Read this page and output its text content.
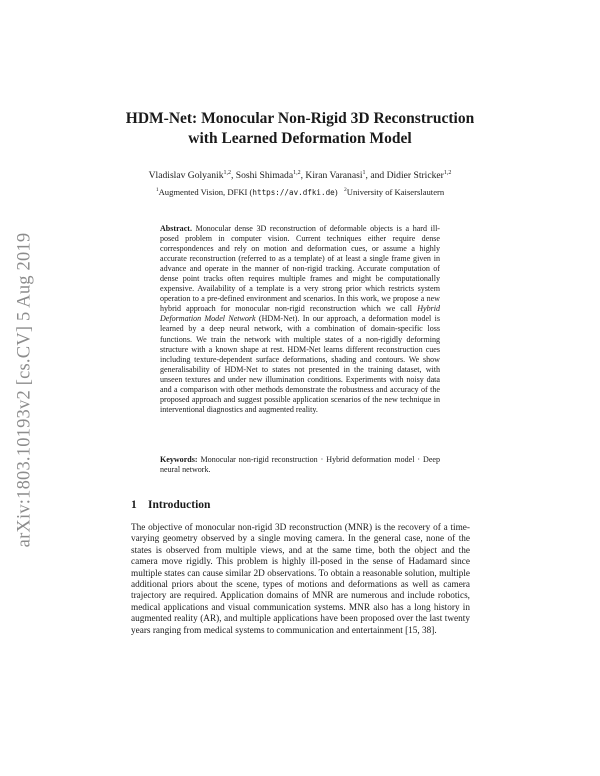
arXiv:1803.10193v2 [cs.CV] 5 Aug 2019
HDM-Net: Monocular Non-Rigid 3D Reconstruction
with Learned Deformation Model
Vladislav Golyanik$^{1,2}$, Soshi Shimada$^{1,2}$, Kiran Varanasi$^1$, and Didier Stricker$^{1,2}$
$^1$Augmented Vision, DFKI (https://av.dfki.de) $^2$University of Kaiserslautern
Abstract. Monocular dense 3D reconstruction of deformable objects is a hard ill-posed problem in computer vision. Current techniques either require dense correspondences and rely on motion and deformation cues, or assume a highly accurate reconstruction (referred to as a template) of at least a single frame given in advance and operate in the manner of non-rigid tracking. Accurate computation of dense point tracks often requires multiple frames and might be computationally expensive. Availability of a template is a very strong prior which restricts system operation to a pre-defined environment and scenarios. In this work, we propose a new hybrid approach for monocular non-rigid reconstruction which we call Hybrid Deformation Model Network (HDM-Net). In our approach, a deformation model is learned by a deep neural network, with a combination of domain-specific loss functions. We train the network with multiple states of a non-rigidly deforming structure with a known shape at rest. HDM-Net learns different reconstruction cues including texture-dependent surface deformations, shading and contours. We show generalisability of HDM-Net to states not presented in the training dataset, with unseen textures and under new illumination conditions. Experiments with noisy data and a comparison with other methods demonstrate the robustness and accuracy of the proposed approach and suggest possible application scenarios of the new technique in interventional diagnostics and augmented reality.
Keywords: Monocular non-rigid reconstruction · Hybrid deformation model · Deep neural network.
1 Introduction
The objective of monocular non-rigid 3D reconstruction (MNR) is the recovery of a time-varying geometry observed by a single moving camera. In the general case, none of the states is observed from multiple views, and at the same time, both the object and the camera move rigidly. This problem is highly ill-posed in the sense of Hadamard since multiple states can cause similar 2D observations. To obtain a reasonable solution, multiple additional priors about the scene, types of motions and deformations as well as camera trajectory are required. Application domains of MNR are numerous and include robotics, medical applications and visual communication systems. MNR also has a long history in augmented reality (AR), and multiple applications have been proposed over the last twenty years ranging from medical systems to communication and entertainment [15, 38].
